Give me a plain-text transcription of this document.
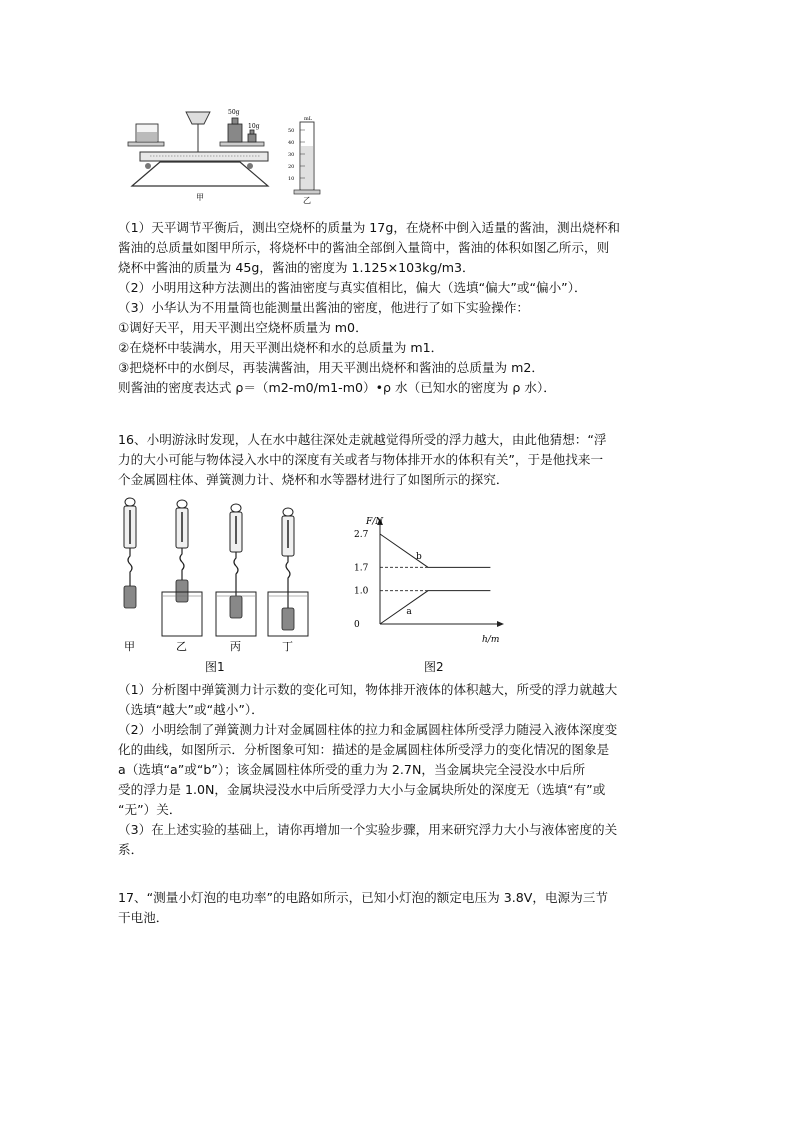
50g
10g
甲
mL
50
40
30
20
10
乙

（1）天平调节平衡后，测出空烧杯的质量为 17g，在烧杯中倒入适量的酱油，测出烧杯和

酱油的总质量如图甲所示，将烧杯中的酱油全部倒入量筒中，酱油的体积如图乙所示，则

烧杯中酱油的质量为 45g，酱油的密度为 1.125×103kg/m3．

（2）小明用这种方法测出的酱油密度与真实值相比，偏大（选填“偏大”或“偏小”）．

（3）小华认为不用量筒也能测量出酱油的密度，他进行了如下实验操作：

①调好天平，用天平测出空烧杯质量为 m0．

②在烧杯中装满水，用天平测出烧杯和水的总质量为 m1．

③把烧杯中的水倒尽，再装满酱油，用天平测出烧杯和酱油的总质量为 m2．

则酱油的密度表达式 ρ＝（m2-m0/m1-m0）•ρ 水（已知水的密度为 ρ 水）．

16、小明游泳时发现，人在水中越往深处走就越觉得所受的浮力越大，由此他猜想：“浮

力的大小可能与物体浸入水中的深度有关或者与物体排开水的体积有关”，于是他找来一

个金属圆柱体、弹簧测力计、烧杯和水等器材进行了如图所示的探究．

甲	乙	丙	丁
图1
F/N
h/m
2.7
1.7
1.0
0
a
b
图2

（1）分析图中弹簧测力计示数的变化可知，物体排开液体的体积越大，所受的浮力就越大

（选填“越大”或“越小”）．

（2）小明绘制了弹簧测力计对金属圆柱体的拉力和金属圆柱体所受浮力随浸入液体深度变

化的曲线，如图所示．分析图象可知：描述的是金属圆柱体所受浮力的变化情况的图象是

a（选填“a”或“b”）；该金属圆柱体所受的重力为 2.7N，当金属块完全浸没水中后所

受的浮力是 1.0N，金属块浸没水中后所受浮力大小与金属块所处的深度无（选填“有”或

“无”）关．

（3）在上述实验的基础上，请你再增加一个实验步骤，用来研究浮力大小与液体密度的关

系．

17、“测量小灯泡的电功率”的电路如所示，已知小灯泡的额定电压为 3.8V，电源为三节

干电池．
